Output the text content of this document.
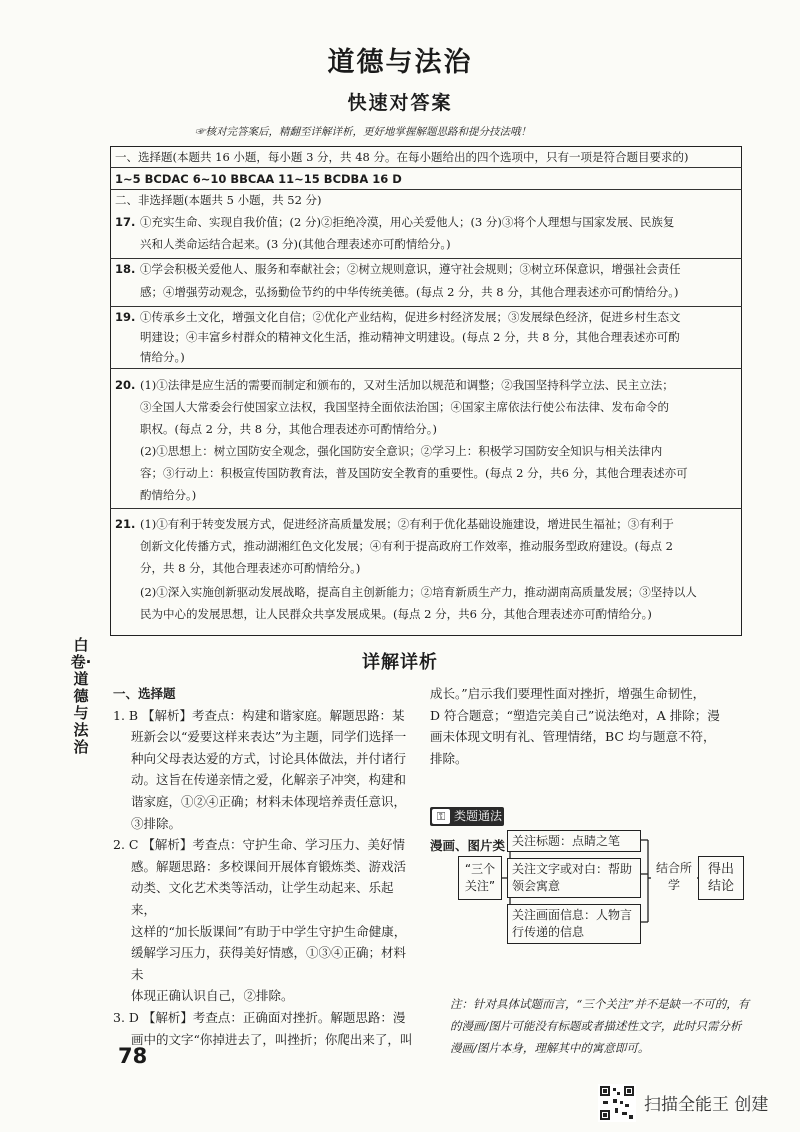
道德与法治
快速对答案
☞核对完答案后，精翻至详解详析，更好地掌握解题思路和提分技法哦！
一、选择题(本题共 16 小题，每小题 3 分，共 48 分。在每小题给出的四个选项中，只有一项是符合题目要求的)
1~5 BCDAC 6~10 BBCAA 11~15 BCDBA 16 D
二、非选择题(本题共 5 小题，共 52 分)
17. ①充实生命、实现自我价值；(2 分)②拒绝冷漠，用心关爱他人；(3 分)③将个人理想与国家发展、民族复
兴和人类命运结合起来。(3 分)(其他合理表述亦可酌情给分。)
18. ①学会积极关爱他人、服务和奉献社会；②树立规则意识，遵守社会规则；③树立环保意识，增强社会责任
感；④增强劳动观念，弘扬勤俭节约的中华传统美德。(每点 2 分，共 8 分，其他合理表述亦可酌情给分。)
19. ①传承乡土文化，增强文化自信；②优化产业结构，促进乡村经济发展；③发展绿色经济，促进乡村生态文
明建设；④丰富乡村群众的精神文化生活，推动精神文明建设。(每点 2 分，共 8 分，其他合理表述亦可酌
情给分。)
20. (1)①法律是应生活的需要而制定和颁布的，又对生活加以规范和调整；②我国坚持科学立法、民主立法；
③全国人大常委会行使国家立法权，我国坚持全面依法治国；④国家主席依法行使公布法律、发布命令的
职权。(每点 2 分，共 8 分，其他合理表述亦可酌情给分。)
(2)①思想上：树立国防安全观念，强化国防安全意识；②学习上：积极学习国防安全知识与相关法律内
容；③行动上：积极宣传国防教育法，普及国防安全教育的重要性。(每点 2 分，共6 分，其他合理表述亦可
酌情给分。)
21. (1)①有利于转变发展方式，促进经济高质量发展；②有利于优化基础设施建设，增进民生福祉；③有利于
创新文化传播方式，推动湖湘红色文化发展；④有利于提高政府工作效率，推动服务型政府建设。(每点 2
分，共 8 分，其他合理表述亦可酌情给分。)
(2)①深入实施创新驱动发展战略，提高自主创新能力；②培育新质生产力，推动湖南高质量发展；③坚持以人
民为中心的发展思想，让人民群众共享发展成果。(每点 2 分，共6 分，其他合理表述亦可酌情给分。)
白卷·道德与法治
详解详析
一、选择题
1. B 【解析】考查点：构建和谐家庭。解题思路：某
班新会以“爱要这样来表达”为主题，同学们选择一
种向父母表达爱的方式，讨论具体做法，并付诸行
动。这旨在传递亲情之爱，化解亲子冲突，构建和
谐家庭，①②④正确；材料未体现培养责任意识，
③排除。
2. C 【解析】考查点：守护生命、学习压力、美好情
感。解题思路：多校课间开展体育锻炼类、游戏活
动类、文化艺术类等活动，让学生动起来、乐起来，
这样的“加长版课间”有助于中学生守护生命健康，
缓解学习压力，获得美好情感，①③④正确；材料未
体现正确认识自己，②排除。
3. D 【解析】考查点：正确面对挫折。解题思路：漫
画中的文字“你掉进去了，叫挫折；你爬出来了，叫
成长。”启示我们要理性面对挫折，增强生命韧性，
D 符合题意；“塑造完美自己”说法绝对，A 排除；漫
画未体现文明有礼、管理情绪，BC 均与题意不符，
排除。
⚿ 类题通法
漫画、图片类
“三个关注”
关注标题：点睛之笔
关注文字或对白：帮助领会寓意
关注画面信息：人物言行传递的信息
结合所学
得出结论
注：针对具体试题而言，“三个关注”并不是缺一不可的，有的漫画/图片可能没有标题或者描述性文字，此时只需分析漫画/图片本身，理解其中的寓意即可。
78
扫描全能王 创建
